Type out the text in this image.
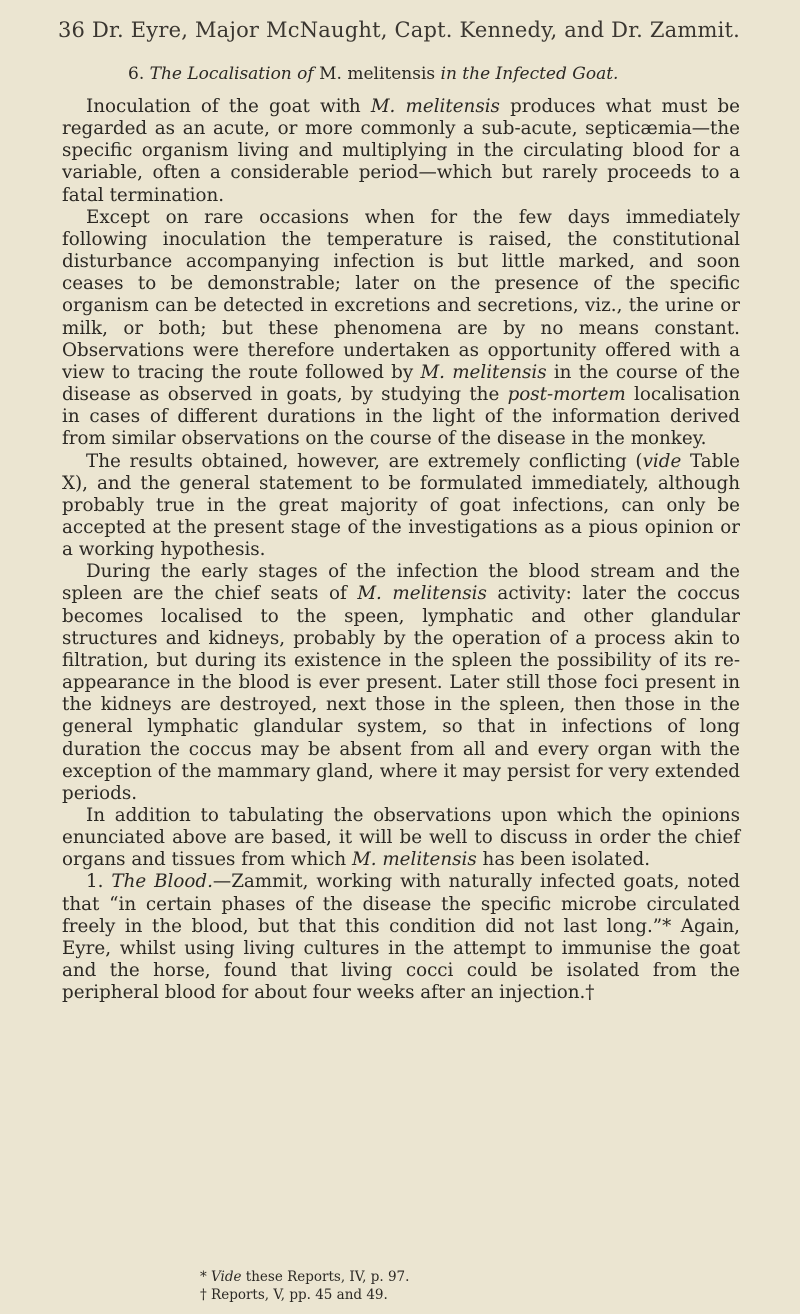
36 Dr. Eyre, Major McNaught, Capt. Kennedy, and Dr. Zammit.
6. The Localisation of M. melitensis in the Infected Goat.

Inoculation of the goat with M. melitensis produces what must be regarded as an acute, or more commonly a sub-acute, septicæmia—the specific organism living and multiplying in the circulating blood for a variable, often a considerable period—which but rarely proceeds to a fatal termination.

Except on rare occasions when for the few days immediately following inoculation the temperature is raised, the constitutional disturbance accompanying infection is but little marked, and soon ceases to be demonstrable; later on the presence of the specific organism can be detected in excretions and secretions, viz., the urine or milk, or both; but these phenomena are by no means constant. Observations were therefore undertaken as opportunity offered with a view to tracing the route followed by M. melitensis in the course of the disease as observed in goats, by studying the post-mortem localisation in cases of different durations in the light of the information derived from similar observations on the course of the disease in the monkey.

The results obtained, however, are extremely conflicting (vide Table X), and the general statement to be formulated immediately, although probably true in the great majority of goat infections, can only be accepted at the present stage of the investigations as a pious opinion or a working hypothesis.

During the early stages of the infection the blood stream and the spleen are the chief seats of M. melitensis activity: later the coccus becomes localised to the speen, lymphatic and other glandular structures and kidneys, probably by the operation of a process akin to filtration, but during its existence in the spleen the possibility of its re-appearance in the blood is ever present. Later still those foci present in the kidneys are destroyed, next those in the spleen, then those in the general lymphatic glandular system, so that in infections of long duration the coccus may be absent from all and every organ with the exception of the mammary gland, where it may persist for very extended periods.

In addition to tabulating the observations upon which the opinions enunciated above are based, it will be well to discuss in order the chief organs and tissues from which M. melitensis has been isolated.

1. The Blood.—Zammit, working with naturally infected goats, noted that “in certain phases of the disease the specific microbe circulated freely in the blood, but that this condition did not last long.”* Again, Eyre, whilst using living cultures in the attempt to immunise the goat and the horse, found that living cocci could be isolated from the peripheral blood for about four weeks after an injection.†

* Vide these Reports, IV, p. 97.
† Reports, V, pp. 45 and 49.
